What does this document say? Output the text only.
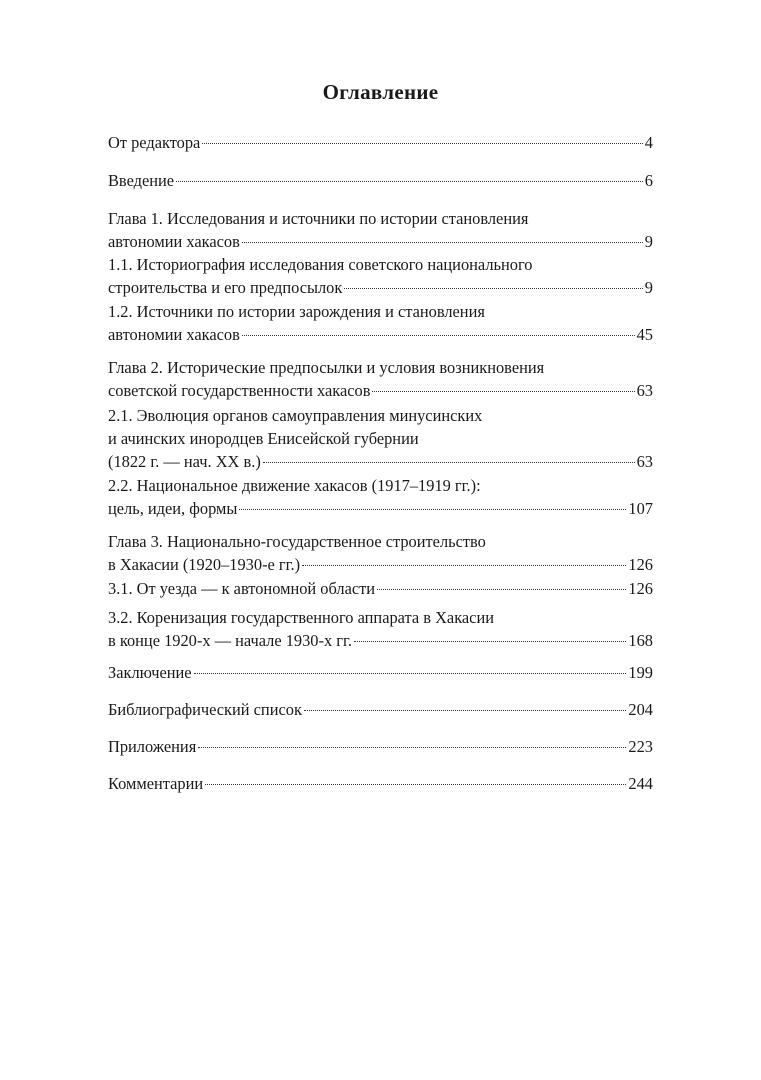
Оглавление
От редактора	4
Введение	6
Глава 1. Исследования и источники по истории становления
автономии хакасов	9
1.1. Историография исследования советского национального
строительства и его предпосылок	9
1.2. Источники по истории зарождения и становления
автономии хакасов	45
Глава 2. Исторические предпосылки и условия возникновения
советской государственности хакасов	63
2.1. Эволюция органов самоуправления минусинских
и ачинских инородцев Енисейской губернии
(1822 г. — нач. XX в.)	63
2.2. Национальное движение хакасов (1917–1919 гг.):
цель, идеи, формы	107
Глава 3. Национально-государственное строительство
в Хакасии (1920–1930-е гг.)	126
3.1. От уезда — к автономной области	126
3.2. Коренизация государственного аппарата в Хакасии
в конце 1920-х — начале 1930-х гг.	168
Заключение	199
Библиографический список	204
Приложения	223
Комментарии	244
